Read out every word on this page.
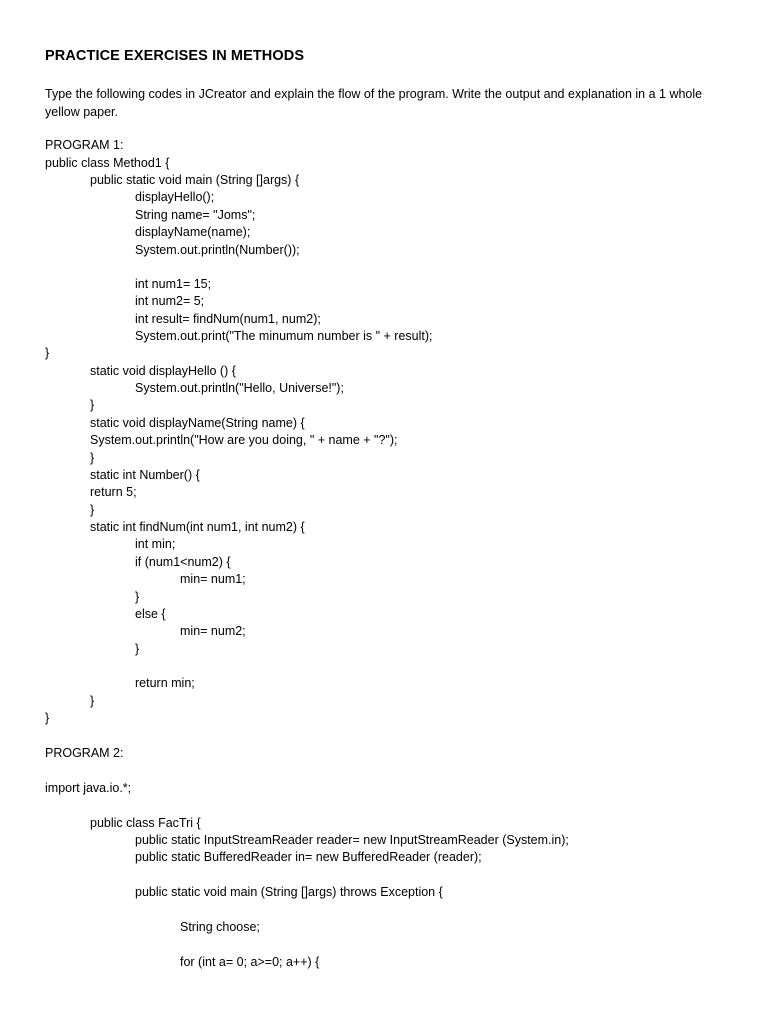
PRACTICE EXERCISES IN METHODS
Type the following codes in JCreator and explain the flow of the program. Write the output and explanation in a 1 whole yellow paper.
PROGRAM 1:
public class Method1 {
public static void main (String []args) {
displayHello();
String name= "Joms";
displayName(name);
System.out.println(Number());
int num1= 15;
int num2= 5;
int result= findNum(num1, num2);
System.out.print("The minumum number is " + result);
}
static void displayHello () {
System.out.println("Hello, Universe!");
}
static void displayName(String name) {
System.out.println("How are you doing, " + name + "?");
}
static int Number() {
return 5;
}
static int findNum(int num1, int num2) {
int min;
if (num1<num2) {
min= num1;
}
else {
min= num2;
}
return min;
}
}
PROGRAM 2:
import java.io.*;
public class FacTri {
public static InputStreamReader reader= new InputStreamReader (System.in);
public static BufferedReader in= new BufferedReader (reader);
public static void main (String []args) throws Exception {
String choose;
for (int a= 0; a>=0; a++) {
